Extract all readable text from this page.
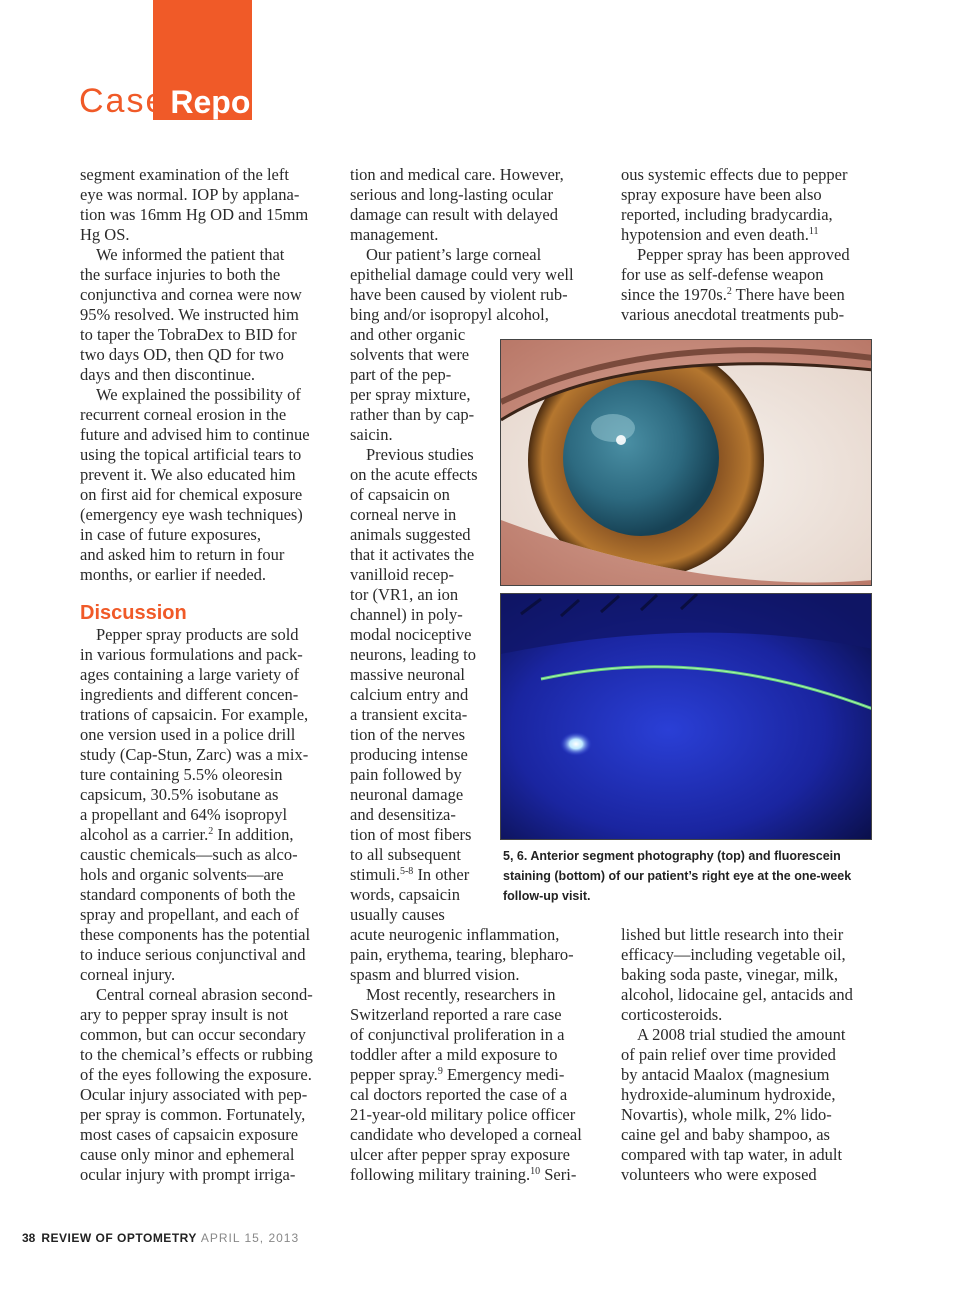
Case Report

segment examination of the left

eye was normal. IOP by applana-

tion was 16mm Hg OD and 15mm

Hg OS.

We informed the patient that

the surface injuries to both the

conjunctiva and cornea were now

95% resolved. We instructed him

to taper the TobraDex to BID for

two days OD, then QD for two

days and then discontinue.

We explained the possibility of

recurrent corneal erosion in the

future and advised him to continue

using the topical artificial tears to

prevent it. We also educated him

on first aid for chemical exposure

(emergency eye wash techniques)

in case of future exposures,

and asked him to return in four

months, or earlier if needed.

Discussion

Pepper spray products are sold

in various formulations and pack-

ages containing a large variety of

ingredients and different concen-

trations of capsaicin. For example,

one version used in a police drill

study (Cap-Stun, Zarc) was a mix-

ture containing 5.5% oleoresin

capsicum, 30.5% isobutane as

a propellant and 64% isopropyl

alcohol as a carrier.$^2$ In addition,

caustic chemicals—such as alco-

hols and organic solvents—are

standard components of both the

spray and propellant, and each of

these components has the potential

to induce serious conjunctival and

corneal injury.

Central corneal abrasion second-

ary to pepper spray insult is not

common, but can occur secondary

to the chemical’s effects or rubbing

of the eyes following the exposure.

Ocular injury associated with pep-

per spray is common. Fortunately,

most cases of capsaicin exposure

cause only minor and ephemeral

ocular injury with prompt irriga-

tion and medical care. However,

serious and long-lasting ocular

damage can result with delayed

management.

Our patient’s large corneal

epithelial damage could very well

have been caused by violent rub-

bing and/or isopropyl alcohol,

and other organic

solvents that were

part of the pep-

per spray mixture,

rather than by cap-

saicin.

Previous studies

on the acute effects

of capsaicin on

corneal nerve in

animals suggested

that it activates the

vanilloid recep-

tor (VR1, an ion

channel) in poly-

modal nociceptive

neurons, leading to

massive neuronal

calcium entry and

a transient excita-

tion of the nerves

producing intense

pain followed by

neuronal damage

and desensitiza-

tion of most fibers

to all subsequent

stimuli.$^{5-8}$ In other

words, capsaicin

usually causes

acute neurogenic inflammation,

pain, erythema, tearing, blepharo-

spasm and blurred vision.

Most recently, researchers in

Switzerland reported a rare case

of conjunctival proliferation in a

toddler after a mild exposure to

pepper spray.$^9$ Emergency medi-

cal doctors reported the case of a

21-year-old military police officer

candidate who developed a corneal

ulcer after pepper spray exposure

following military training.$^{10}$ Seri-

ous systemic effects due to pepper

spray exposure have been also

reported, including bradycardia,

hypotension and even death.$^{11}$

Pepper spray has been approved

for use as self-defense weapon

since the 1970s.$^2$ There have been

various anecdotal treatments pub-

5, 6. Anterior segment photography (top) and fluorescein

staining (bottom) of our patient’s right eye at the one-week

follow-up visit.

lished but little research into their

efficacy—including vegetable oil,

baking soda paste, vinegar, milk,

alcohol, lidocaine gel, antacids and

corticosteroids.

A 2008 trial studied the amount

of pain relief over time provided

by antacid Maalox (magnesium

hydroxide-aluminum hydroxide,

Novartis), whole milk, 2% lido-

caine gel and baby shampoo, as

compared with tap water, in adult

volunteers who were exposed

38 REVIEW OF OPTOMETRY APRIL 15, 2013
